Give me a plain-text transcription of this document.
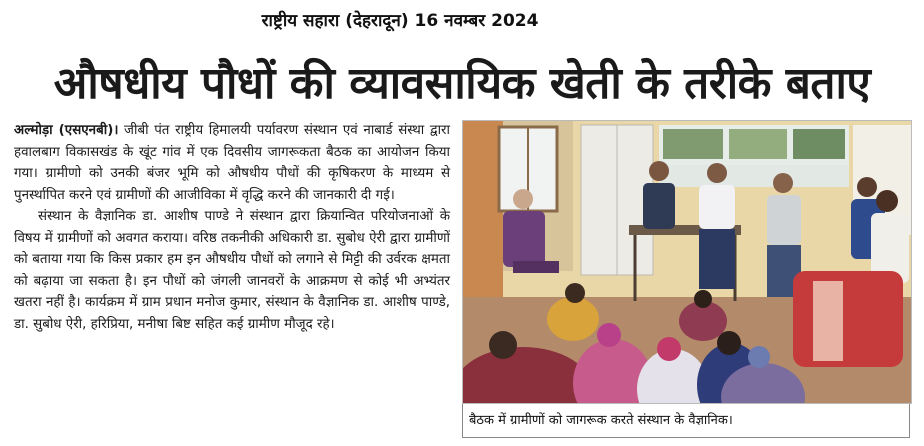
राष्ट्रीय सहारा (देहरादून) 16 नवम्बर 2024
औषधीय पौधों की व्यावसायिक खेती के तरीके बताए

अल्मोड़ा (एसएनबी)। जीबी पंत राष्ट्रीय हिमालयी पर्यावरण संस्थान एवं नाबार्ड संस्था द्वारा हवालबाग विकासखंड के खूंट गांव में एक दिवसीय जागरूकता बैठक का आयोजन किया गया। ग्रामीणो को उनकी बंजर भूमि को औषधीय पौधों की कृषिकरण के माध्यम से पुनर्स्थापित करने एवं ग्रामीणों की आजीविका में वृद्धि करने की जानकारी दी गई।

संस्थान के वैज्ञानिक डा. आशीष पाण्डे ने संस्थान द्वारा क्रियान्वित परियोजनाओं के विषय में ग्रामीणों को अवगत कराया। वरिष्ठ तकनीकी अधिकारी डा. सुबोध ऐरी द्वारा ग्रामीणों को बताया गया कि किस प्रकार हम इन औषधीय पौधों को लगाने से मिट्टी की उर्वरक क्षमता को बढ़ाया जा सकता है। इन पौधों को जंगली जानवरों के आक्रमण से कोई भी अभ्यंतर खतरा नहीं है। कार्यक्रम में ग्राम प्रधान मनोज कुमार, संस्थान के वैज्ञानिक डा. आशीष पाण्डे, डा. सुबोध ऐरी, हरिप्रिया, मनीषा बिष्ट सहित कई ग्रामीण मौजूद रहे।

बैठक में ग्रामीणों को जागरूक करते संस्थान के वैज्ञानिक।
